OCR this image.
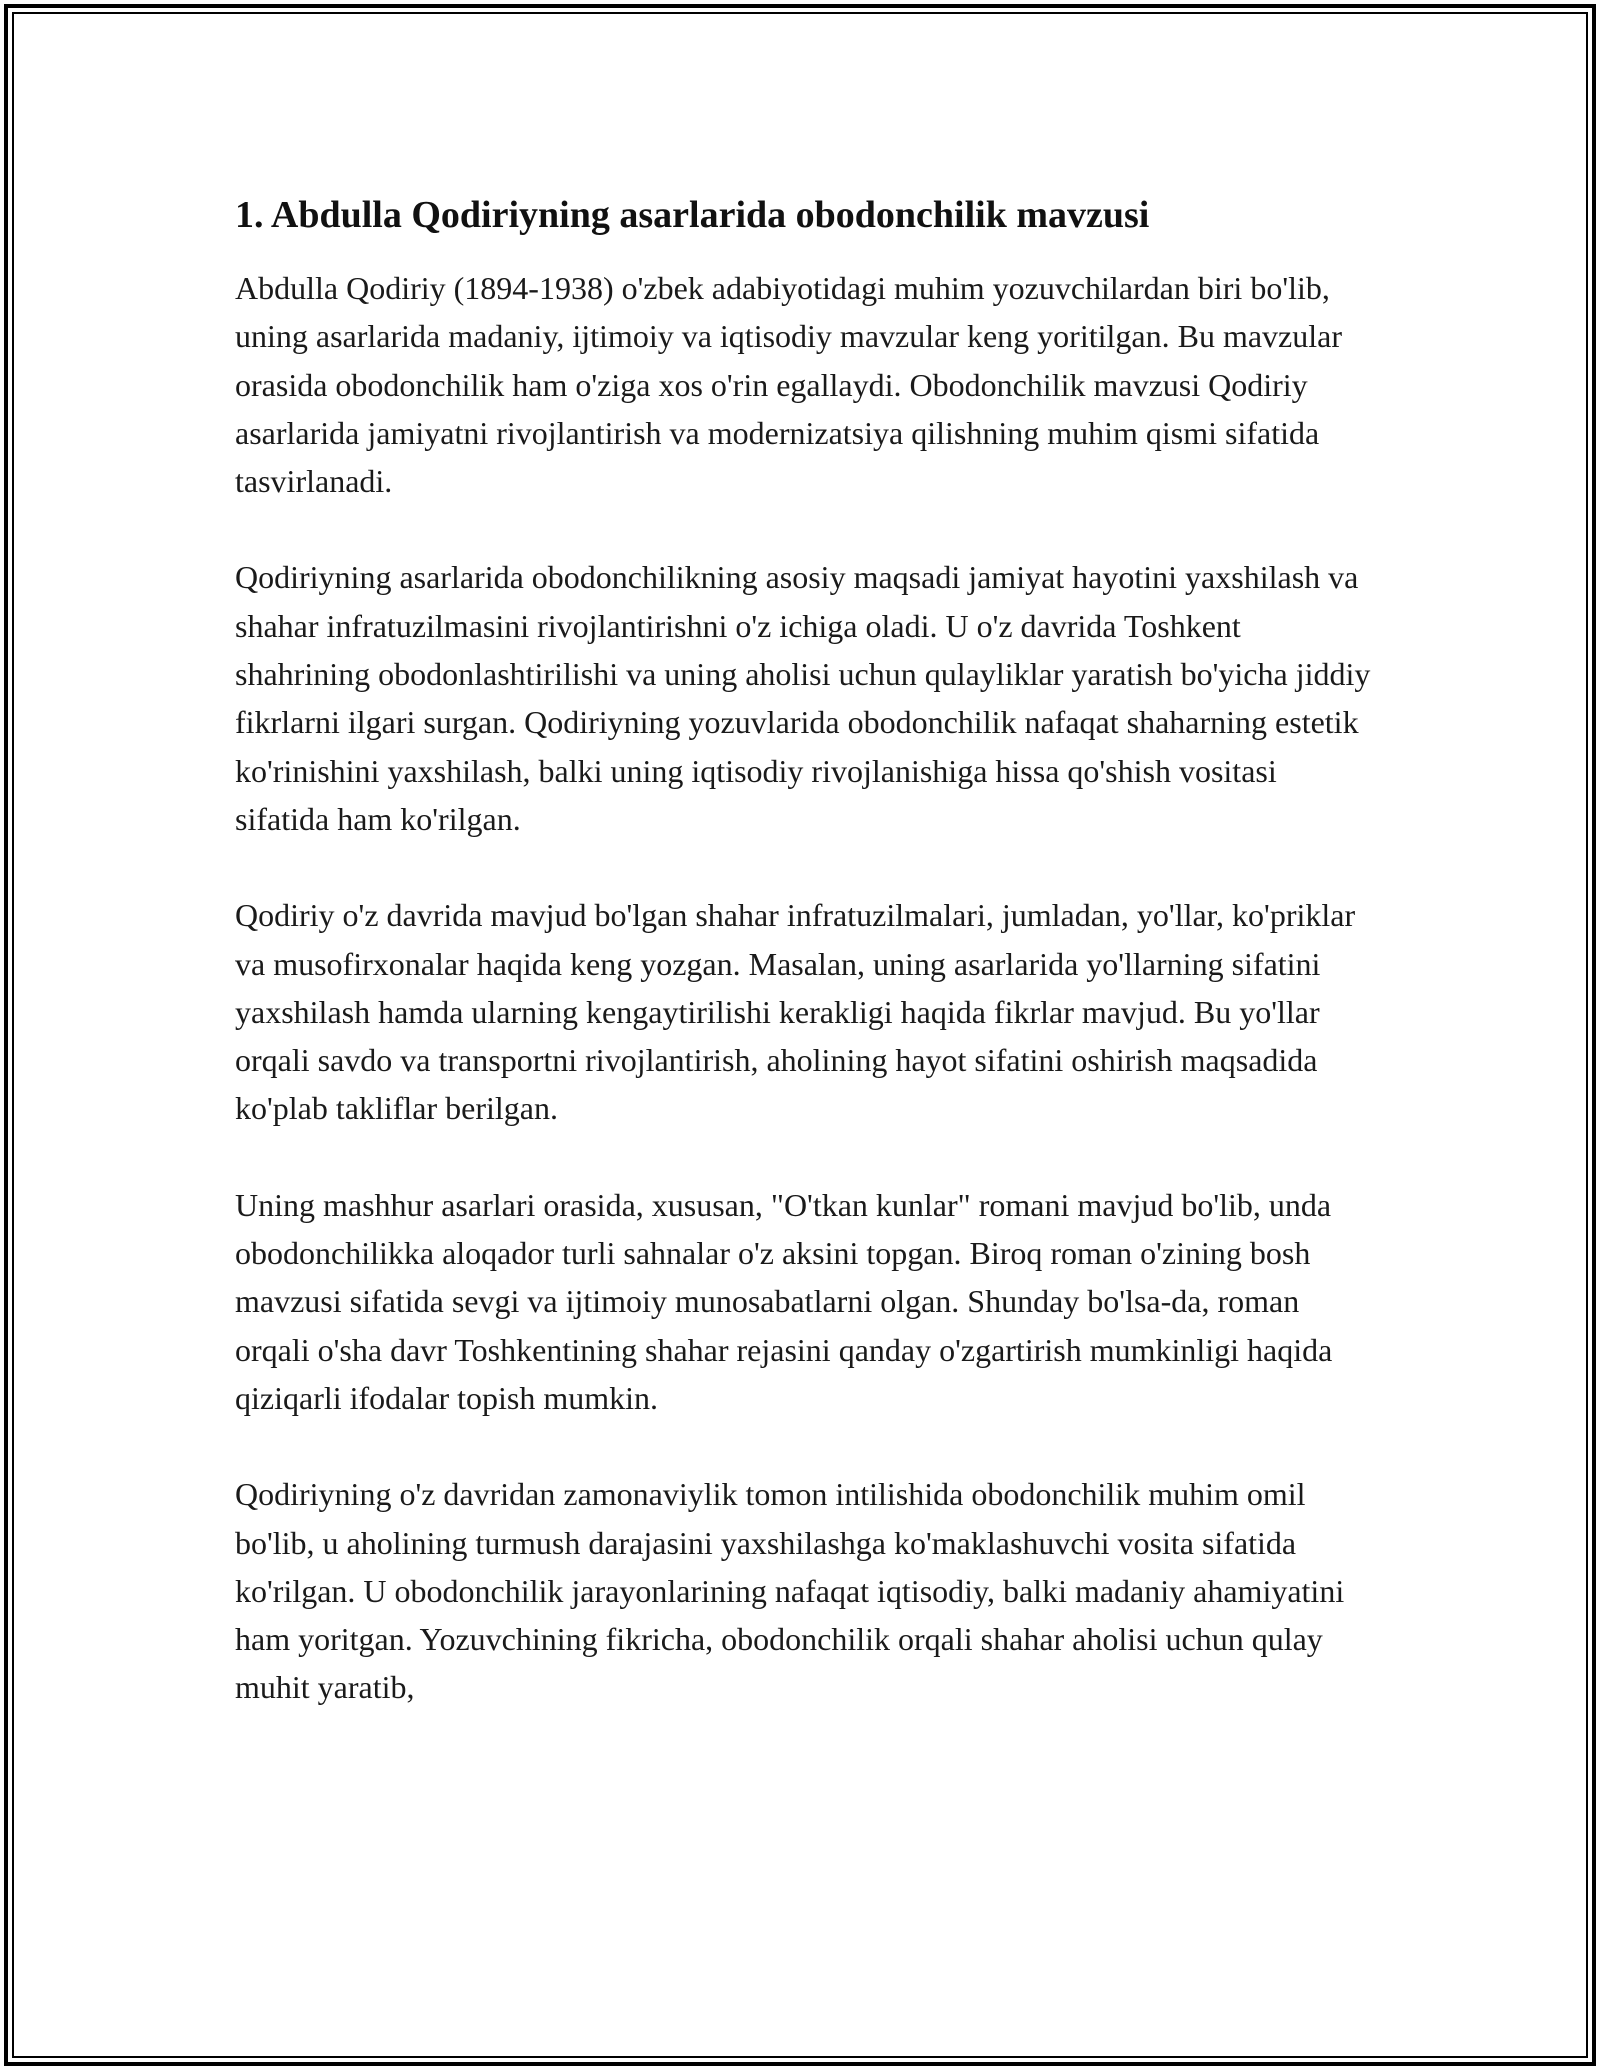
1. Abdulla Qodiriyning asarlarida obodonchilik mavzusi

Abdulla Qodiriy (1894-1938) o'zbek adabiyotidagi muhim yozuvchilardan biri bo'lib, uning asarlarida madaniy, ijtimoiy va iqtisodiy mavzular keng yoritilgan. Bu mavzular orasida obodonchilik ham o'ziga xos o'rin egallaydi. Obodonchilik mavzusi Qodiriy asarlarida jamiyatni rivojlantirish va modernizatsiya qilishning muhim qismi sifatida tasvirlanadi.

Qodiriyning asarlarida obodonchilikning asosiy maqsadi jamiyat hayotini yaxshilash va shahar infratuzilmasini rivojlantirishni o'z ichiga oladi. U o'z davrida Toshkent shahrining obodonlashtirilishi va uning aholisi uchun qulayliklar yaratish bo'yicha jiddiy fikrlarni ilgari surgan. Qodiriyning yozuvlarida obodonchilik nafaqat shaharning estetik ko'rinishini yaxshilash, balki uning iqtisodiy rivojlanishiga hissa qo'shish vositasi sifatida ham ko'rilgan.

Qodiriy o'z davrida mavjud bo'lgan shahar infratuzilmalari, jumladan, yo'llar, ko'priklar va musofirxonalar haqida keng yozgan. Masalan, uning asarlarida yo'llarning sifatini yaxshilash hamda ularning kengaytirilishi kerakligi haqida fikrlar mavjud. Bu yo'llar orqali savdo va transportni rivojlantirish, aholining hayot sifatini oshirish maqsadida ko'plab takliflar berilgan.

Uning mashhur asarlari orasida, xususan, "O'tkan kunlar" romani mavjud bo'lib, unda obodonchilikka aloqador turli sahnalar o'z aksini topgan. Biroq roman o'zining bosh mavzusi sifatida sevgi va ijtimoiy munosabatlarni olgan. Shunday bo'lsa-da, roman orqali o'sha davr Toshkentining shahar rejasini qanday o'zgartirish mumkinligi haqida qiziqarli ifodalar topish mumkin.

Qodiriyning o'z davridan zamonaviylik tomon intilishida obodonchilik muhim omil bo'lib, u aholining turmush darajasini yaxshilashga ko'maklashuvchi vosita sifatida ko'rilgan. U obodonchilik jarayonlarining nafaqat iqtisodiy, balki madaniy ahamiyatini ham yoritgan. Yozuvchining fikricha, obodonchilik orqali shahar aholisi uchun qulay muhit yaratib,
